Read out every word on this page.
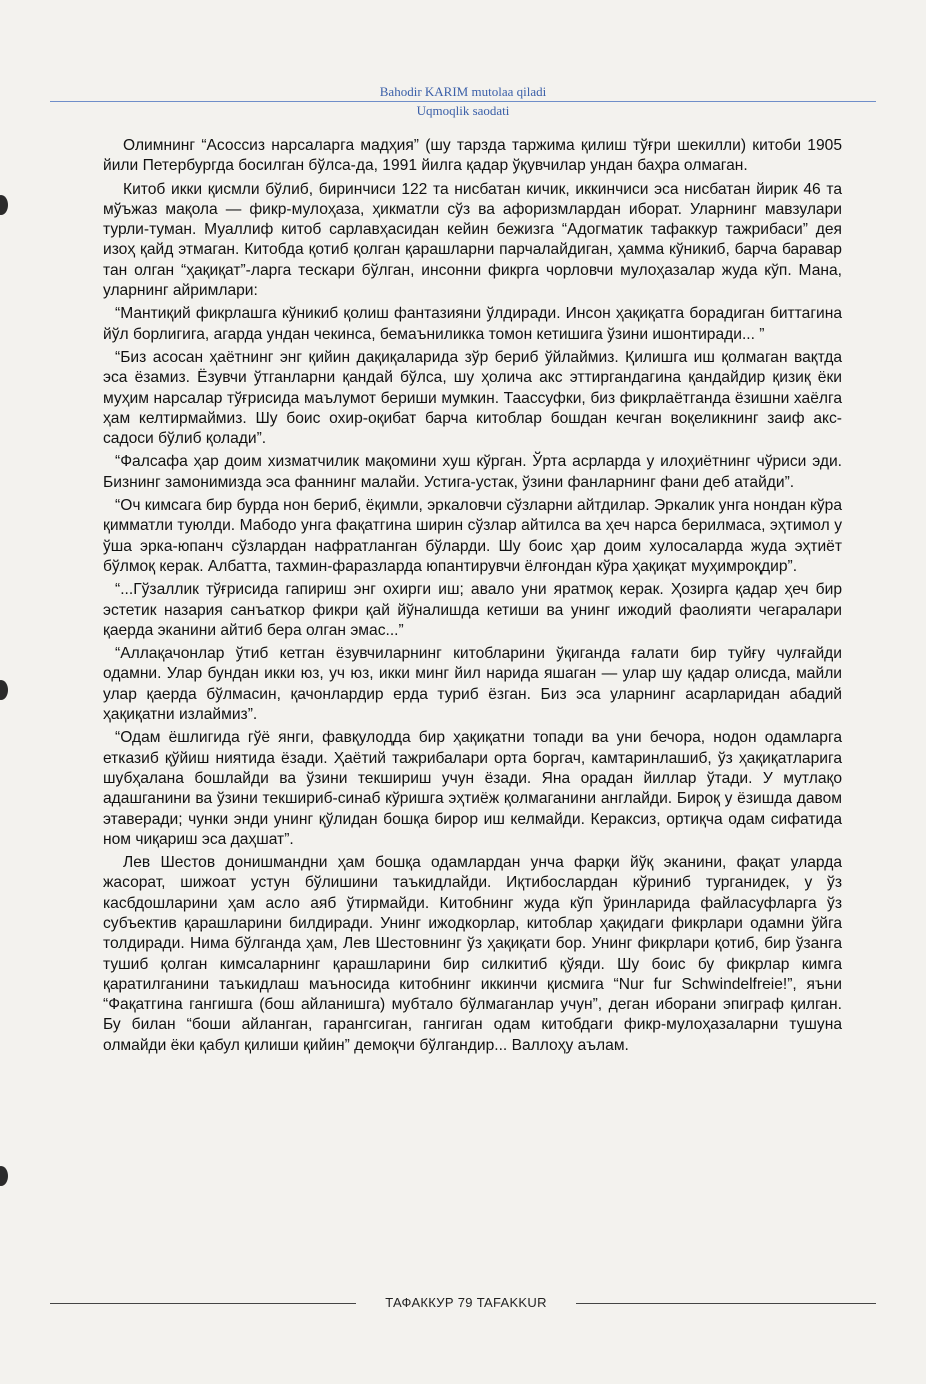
Bahodir KARIM mutolaa qiladi
Uqmoqlik saodati

Олимнинг “Асоссиз нарсаларга мадҳия” (шу тарзда таржима қилиш тўғри шекилли) китоби 1905 йили Петербургда босилган бўлса-да, 1991 йилга қадар ўқувчилар ундан баҳра олмаган.

Китоб икки қисмли бўлиб, биринчиси 122 та нисбатан кичик, иккинчиси эса нисбатан йирик 46 та мўъжаз мақола — фикр-мулоҳаза, ҳикматли сўз ва афоризмлардан иборат. Уларнинг мавзулари турли-туман. Муаллиф китоб сарлавҳасидан кейин бежизга “Адогматик тафаккур тажрибаси” дея изоҳ қайд этмаган. Китобда қотиб қолган қарашларни парчалайдиган, ҳамма кўникиб, барча баравар тан олган “ҳақиқат”-ларга тескари бўлган, инсонни фикрга чорловчи мулоҳазалар жуда кўп. Мана, уларнинг айримлари:

“Мантиқий фикрлашга кўникиб қолиш фантазияни ўлдиради. Инсон ҳақиқатга борадиган биттагина йўл борлигига, агарда ундан чекинса, бемаъниликка томон кетишига ўзини ишонтиради... ”

“Биз асосан ҳаётнинг энг қийин дақиқаларида зўр бериб ўйлаймиз. Қилишга иш қолмаган вақтда эса ёзамиз. Ёзувчи ўтганларни қандай бўлса, шу ҳолича акс эттиргандагина қандайдир қизиқ ёки муҳим нарсалар тўғрисида маълумот бериши мумкин. Таассуфки, биз фикрлаётганда ёзишни хаёлга ҳам келтирмаймиз. Шу боис охир-оқибат барча китоблар бошдан кечган воқеликнинг заиф акс-садоси бўлиб қолади”.

“Фалсафа ҳар доим хизматчилик мақомини хуш кўрган. Ўрта асрларда у илоҳиётнинг чўриси эди. Бизнинг замонимизда эса фаннинг малайи. Устига-устак, ўзини фанларнинг фани деб атайди”.

“Оч кимсага бир бурда нон бериб, ёқимли, эркаловчи сўзларни айтдилар. Эркалик унга нондан кўра қимматли туюлди. Мабодо унга фақатгина ширин сўзлар айтилса ва ҳеч нарса берилмаса, эҳтимол у ўша эрка-юпанч сўзлардан нафратланган бўларди. Шу боис ҳар доим хулосаларда жуда эҳтиёт бўлмоқ керак. Албатта, тахмин-фаразларда юпантирувчи ёлғондан кўра ҳақиқат муҳимроқдир”.

“...Гўзаллик тўғрисида гапириш энг охирги иш; авало уни яратмоқ керак. Ҳозирга қадар ҳеч бир эстетик назария санъаткор фикри қай йўналишда кетиши ва унинг ижодий фаолияти чегаралари қаерда эканини айтиб бера олган эмас...”

“Аллақачонлар ўтиб кетган ёзувчиларнинг китобларини ўқиганда ғалати бир туйғу чулғайди одамни. Улар бундан икки юз, уч юз, икки минг йил нарида яшаган — улар шу қадар олисда, майли улар қаерда бўлмасин, қачонлардир ерда туриб ёзган. Биз эса уларнинг асарларидан абадий ҳақиқатни излаймиз”.

“Одам ёшлигида гўё янги, фавқулодда бир ҳақиқатни топади ва уни бечора, нодон одамларга етказиб қўйиш ниятида ёзади. Ҳаётий тажрибалари орта боргач, камтаринлашиб, ўз ҳақиқатларига шубҳалана бошлайди ва ўзини текшириш учун ёзади. Яна орадан йиллар ўтади. У мутлақо адашганини ва ўзини текшириб-синаб кўришга эҳтиёж қолмаганини англайди. Бироқ у ёзишда давом этаверади; чунки энди унинг қўлидан бошқа бирор иш келмайди. Кераксиз, ортиқча одам сифатида ном чиқариш эса даҳшат”.

Лев Шестов донишмандни ҳам бошқа одамлардан унча фарқи йўқ эканини, фақат уларда жасорат, шижоат устун бўлишини таъкидлайди. Иқтибослардан кўриниб турганидек, у ўз касбдошларини ҳам асло аяб ўтирмайди. Китобнинг жуда кўп ўринларида файласуфларга ўз субъектив қарашларини билдиради. Унинг ижодкорлар, китоблар ҳақидаги фикрлари одамни ўйга толдиради. Нима бўлганда ҳам, Лев Шестовнинг ўз ҳақиқати бор. Унинг фикрлари қотиб, бир ўзанга тушиб қолган кимсаларнинг қарашларини бир силкитиб қўяди. Шу боис бу фикрлар кимга қаратилганини таъкидлаш маъносида китобнинг иккинчи қисмига “Nur fur Schwindelfreie!”, яъни “Фақатгина гангишга (бош айланишга) мубтало бўлмаганлар учун”, деган иборани эпиграф қилган. Бу билан “боши айланган, гарангсиган, гангиган одам китобдаги фикр-мулоҳазаларни тушуна олмайди ёки қабул қилиши қийин” демоқчи бўлгандир... Валлоҳу аълам.

ТАФАККУР 79 TAFAKKUR
